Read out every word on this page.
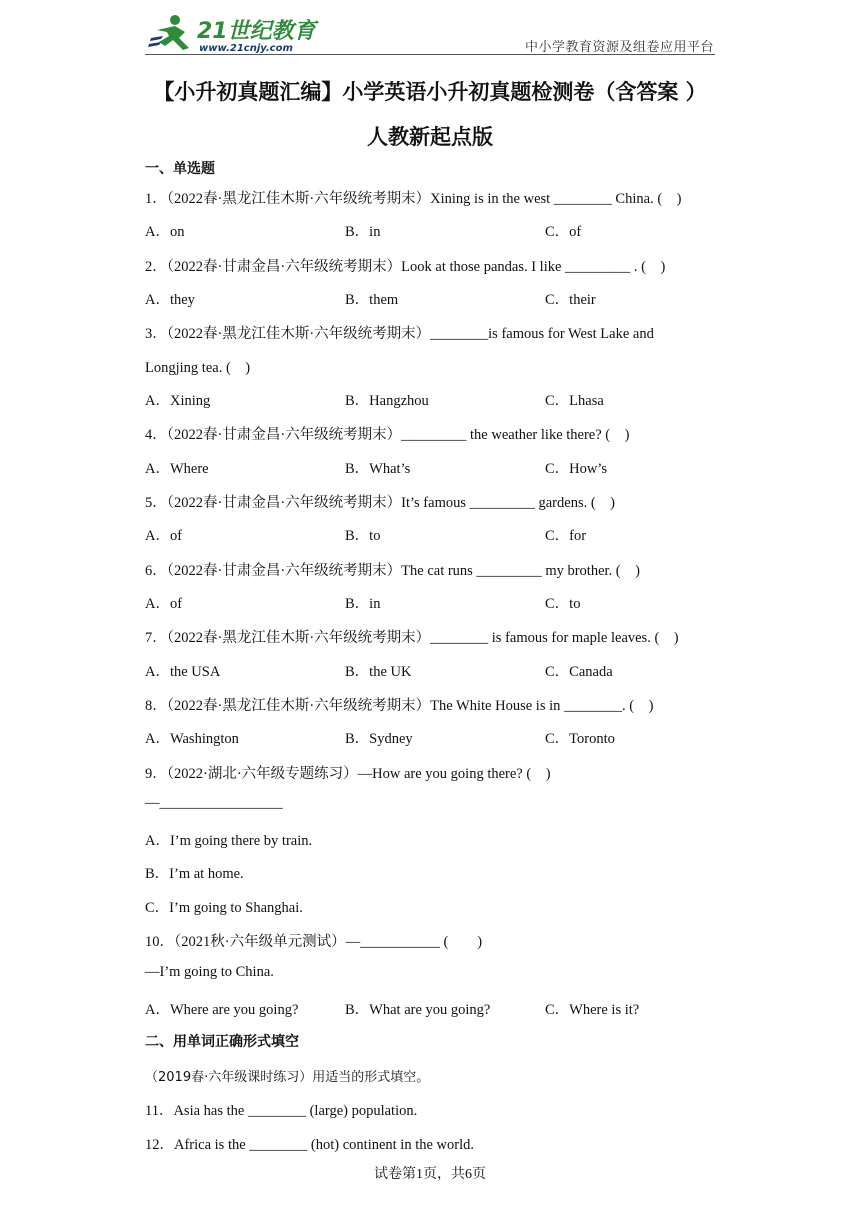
21世纪教育
www.21cnjy.com	中小学教育资源及组卷应用平台
【小升初真题汇编】小学英语小升初真题检测卷（含答案 ）
人教新起点版
一、单选题
1．（2022春·黑龙江佳木斯·六年级统考期末）Xining is in the west ________ China. (　)
A．on	B．in	C．of
2．（2022春·甘肃金昌·六年级统考期末）Look at those pandas. I like _________ . (　)
A．they	B．them	C．their
3．（2022春·黑龙江佳木斯·六年级统考期末）________is famous for West Lake and
Longjing tea. (　)
A．Xining	B．Hangzhou	C．Lhasa
4．（2022春·甘肃金昌·六年级统考期末）_________ the weather like there? (　)
A．Where	B．What’s	C．How’s
5．（2022春·甘肃金昌·六年级统考期末）It’s famous _________ gardens. (　)
A．of	B．to	C．for
6．（2022春·甘肃金昌·六年级统考期末）The cat runs _________ my brother. (　)
A．of	B．in	C．to
7．（2022春·黑龙江佳木斯·六年级统考期末）________ is famous for maple leaves. (　)
A．the USA	B．the UK	C．Canada
8．（2022春·黑龙江佳木斯·六年级统考期末）The White House is in ________. (　)
A．Washington	B．Sydney	C．Toronto
9．（2022·湖北·六年级专题练习）—How are you going there? (　)
—_________________
A．I’m going there by train.
B．I’m at home.
C．I’m going to Shanghai.
10．（2021秋·六年级单元测试）—___________ (　　)
—I’m going to China.
A．Where are you going?	B．What are you going?	C．Where is it?
二、用单词正确形式填空
（2019春·六年级课时练习）用适当的形式填空。
11．Asia has the ________ (large) population.
12．Africa is the ________ (hot) continent in the world.
试卷第1页，共6页
